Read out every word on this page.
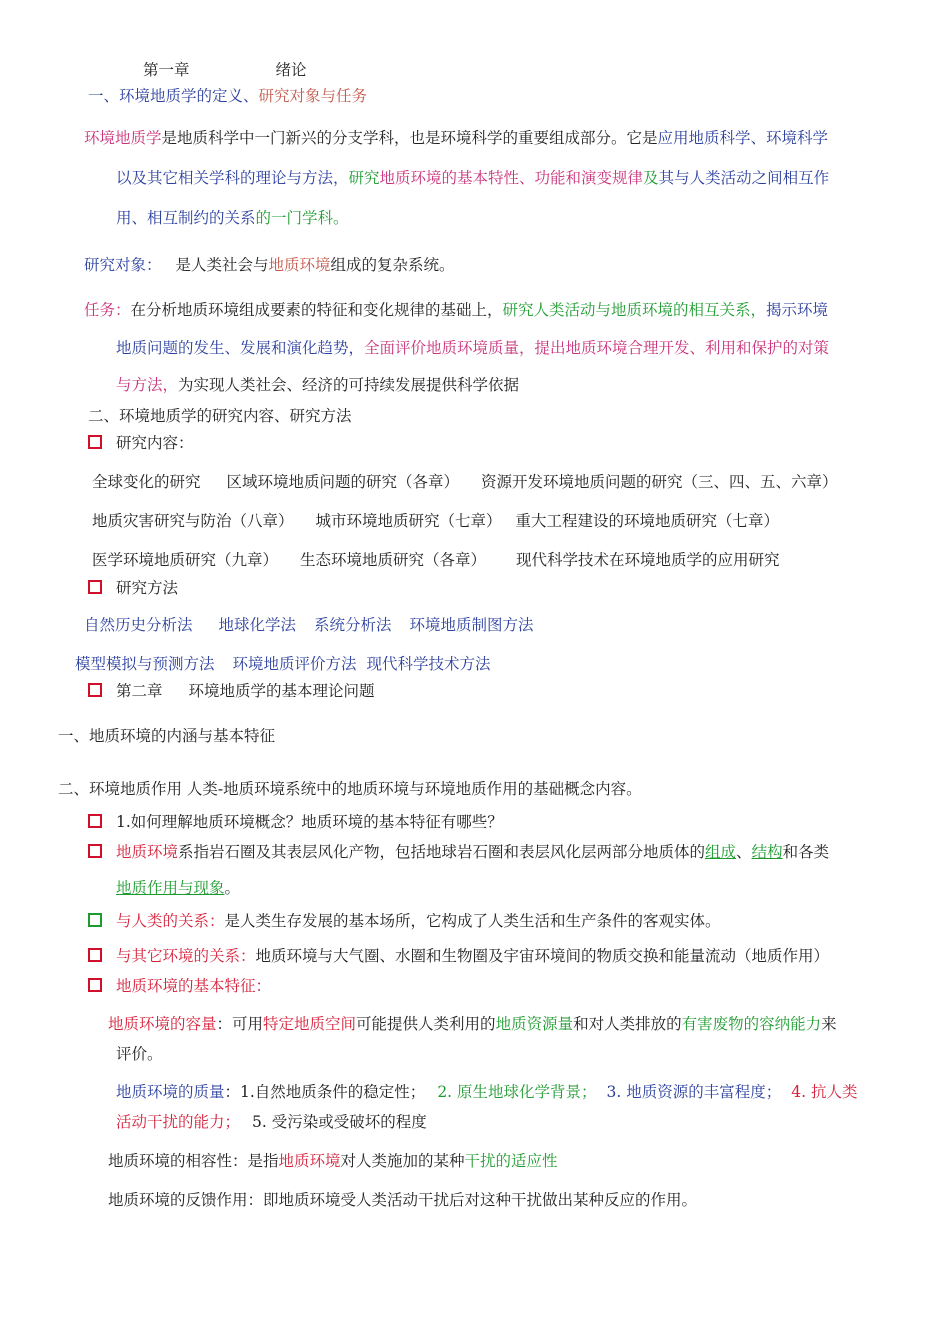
第一章	绪论
一、环境地质学的定义、研究对象与任务
环境地质学是地质科学中一门新兴的分支学科，也是环境科学的重要组成部分。它是应用地质科学、环境科学
以及其它相关学科的理论与方法，研究地质环境的基本特性、功能和演变规律及其与人类活动之间相互作
用、相互制约的关系的一门学科。
研究对象： 是人类社会与地质环境组成的复杂系统。
任务：在分析地质环境组成要素的特征和变化规律的基础上，研究人类活动与地质环境的相互关系，揭示环境
地质问题的发生、发展和演化趋势，全面评价地质环境质量，提出地质环境合理开发、利用和保护的对策
与方法，为实现人类社会、经济的可持续发展提供科学依据
二、环境地质学的研究内容、研究方法
研究内容：
全球变化的研究 区域环境地质问题的研究（各章） 资源开发环境地质问题的研究（三、四、五、六章）
地质灾害研究与防治（八章） 城市环境地质研究（七章） 重大工程建设的环境地质研究（七章）
医学环境地质研究（九章） 生态环境地质研究（各章） 现代科学技术在环境地质学的应用研究
研究方法
自然历史分析法 地球化学法 系统分析法 环境地质制图方法
模型模拟与预测方法 环境地质评价方法 现代科学技术方法
第二章 环境地质学的基本理论问题
一、地质环境的内涵与基本特征
二、环境地质作用 人类-地质环境系统中的地质环境与环境地质作用的基础概念内容。
1.如何理解地质环境概念？地质环境的基本特征有哪些？
地质环境系指岩石圈及其表层风化产物，包括地球岩石圈和表层风化层两部分地质体的组成、结构和各类
地质作用与现象。
与人类的关系：是人类生存发展的基本场所，它构成了人类生活和生产条件的客观实体。
与其它环境的关系：地质环境与大气圈、水圈和生物圈及宇宙环境间的物质交换和能量流动（地质作用）
地质环境的基本特征：
地质环境的容量：可用特定地质空间可能提供人类利用的地质资源量和对人类排放的有害废物的容纳能力来
评价。
地质环境的质量：1.自然地质条件的稳定性； 2. 原生地球化学背景； 3. 地质资源的丰富程度； 4. 抗人类
活动干扰的能力； 5. 受污染或受破坏的程度
地质环境的相容性：是指地质环境对人类施加的某种干扰的适应性
地质环境的反馈作用：即地质环境受人类活动干扰后对这种干扰做出某种反应的作用。
